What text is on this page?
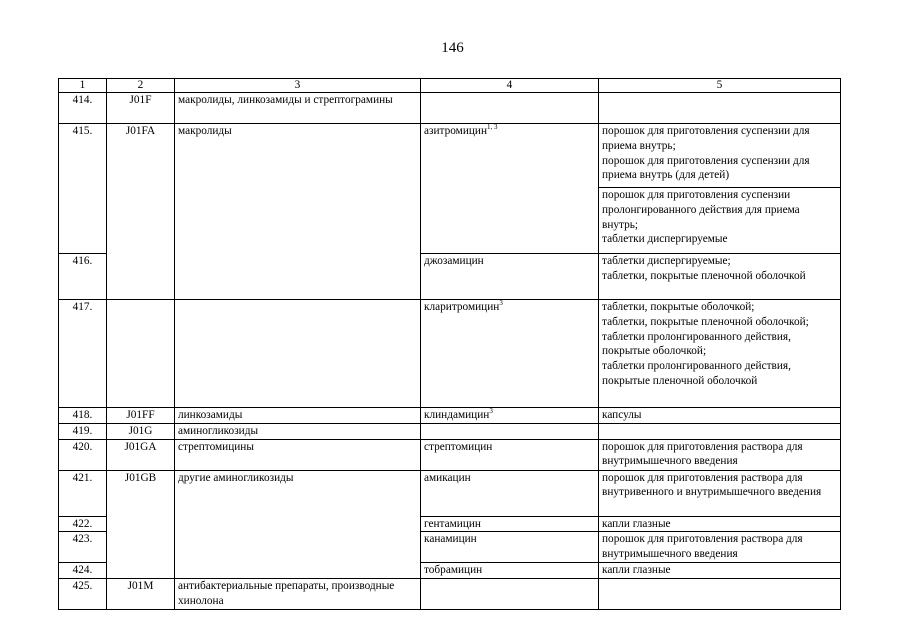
146
1	2	3	4	5
414.	J01F	макролиды, линкозамиды и стрептограмины		
415.	J01FA	макролиды	азитромицин$^{1, 3}$	порошок для приготовления суспензии для приема внутрь;
порошок для приготовления суспензии для приема внутрь (для детей)

				порошок для приготовления суспензии пролонгированного действия для приема внутрь;
таблетки диспергируемые

416.			джозамицин	таблетки диспергируемые;
таблетки, покрытые пленочной оболочкой

417.			кларитромицин$^3$	таблетки, покрытые оболочкой;
таблетки, покрытые пленочной оболочкой;
таблетки пролонгированного действия, покрытые оболочкой;
таблетки пролонгированного действия, покрытые пленочной оболочкой

418.	J01FF	линкозамиды	клиндамицин$^3$	капсулы
419.	J01G	аминогликозиды		
420.	J01GA	стрептомицины	стрептомицин	порошок для приготовления раствора для внутримышечного введения
421.	J01GB	другие аминогликозиды	амикацин	порошок для приготовления раствора для внутривенного и внутримышечного введения
422.			гентамицин	капли глазные
423.			канамицин	порошок для приготовления раствора для внутримышечного введения
424.			тобрамицин	капли глазные
425.	J01M	антибактериальные препараты, производные хинолона		
